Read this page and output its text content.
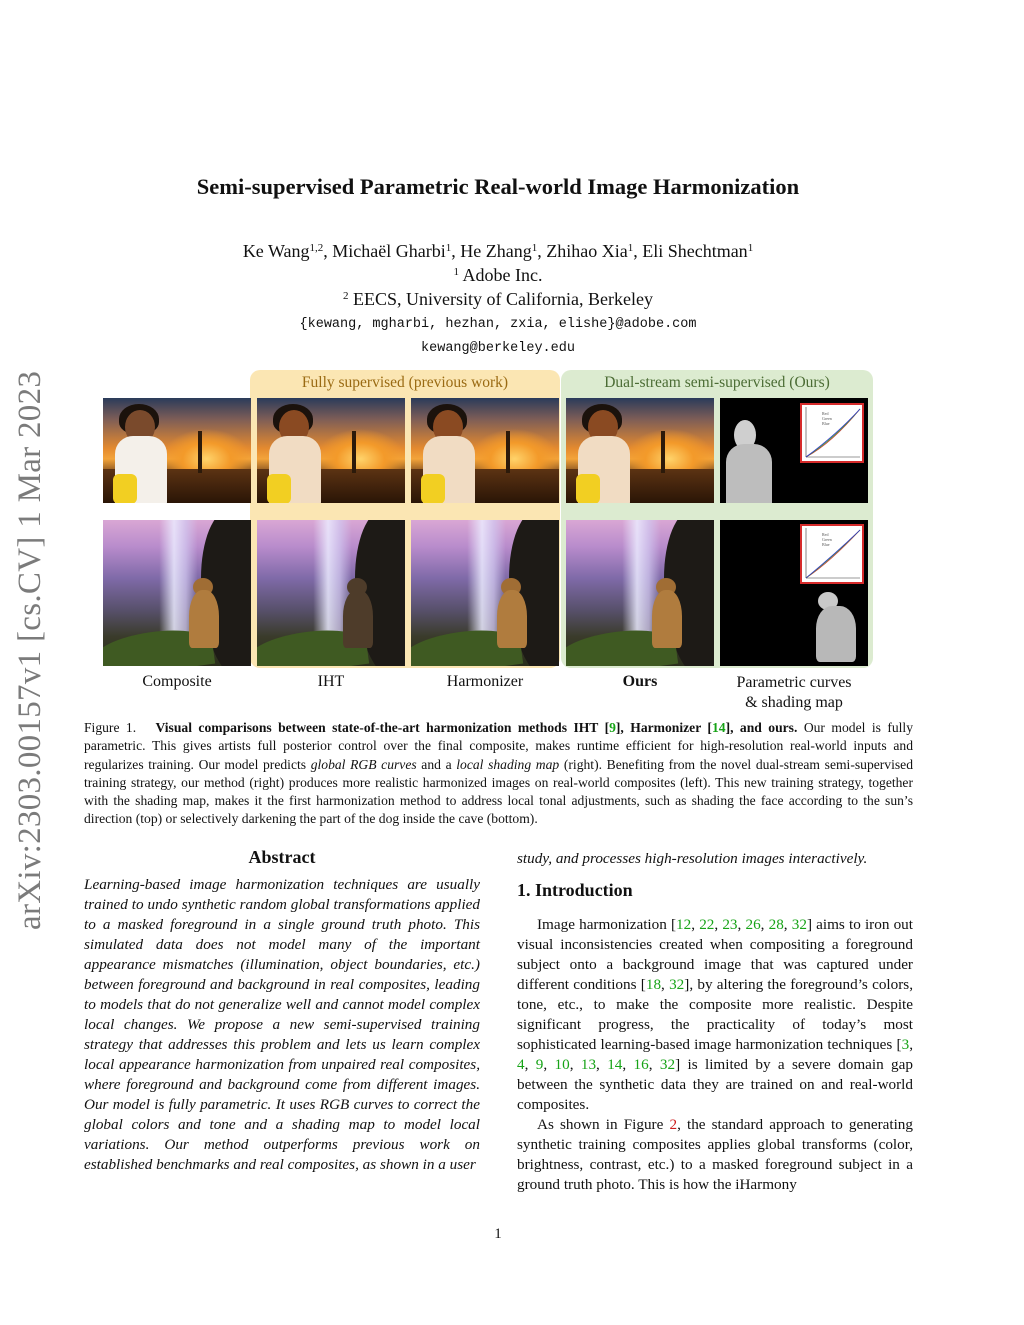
arXiv:2303.00157v1 [cs.CV] 1 Mar 2023
Semi-supervised Parametric Real-world Image Harmonization
Ke Wang$^{1,2}$, Michaël Gharbi$^1$, He Zhang$^1$, Zhihao Xia$^1$, Eli Shechtman$^1$
$^1$ Adobe Inc.
$^2$ EECS, University of California, Berkeley
{kewang, mgharbi, hezhan, zxia, elishe}@adobe.com
kewang@berkeley.edu
Fully supervised (previous work)	Dual-stream semi-supervised (Ours)
Red
Green
Blue
Red
Green
Blue
Composite	IHT	Harmonizer	Ours	Parametric curves
& shading map
Figure 1. Visual comparisons between state-of-the-art harmonization methods IHT [9], Harmonizer [14], and ours. Our model is fully parametric. This gives artists full posterior control over the final composite, makes runtime efficient for high-resolution real-world inputs and regularizes training. Our model predicts global RGB curves and a local shading map (right). Benefiting from the novel dual-stream semi-supervised training strategy, our method (right) produces more realistic harmonized images on real-world composites (left). This new training strategy, together with the shading map, makes it the first harmonization method to address local tonal adjustments, such as shading the face according to the sun’s direction (top) or selectively darkening the part of the dog inside the cave (bottom).
Abstract
Learning-based image harmonization techniques are usually trained to undo synthetic random global transformations applied to a masked foreground in a single ground truth photo. This simulated data does not model many of the important appearance mismatches (illumination, object boundaries, etc.) between foreground and background in real composites, leading to models that do not generalize well and cannot model complex local changes. We propose a new semi-supervised training strategy that addresses this problem and lets us learn complex local appearance harmonization from unpaired real composites, where foreground and background come from different images. Our model is fully parametric. It uses RGB curves to correct the global colors and tone and a shading map to model local variations. Our method outperforms previous work on established benchmarks and real composites, as shown in a user
study, and processes high-resolution images interactively.
1. Introduction
Image harmonization [12, 22, 23, 26, 28, 32] aims to iron out visual inconsistencies created when compositing a foreground subject onto a background image that was captured under different conditions [18, 32], by altering the foreground’s colors, tone, etc., to make the composite more realistic. Despite significant progress, the practicality of today’s most sophisticated learning-based image harmonization techniques [3, 4, 9, 10, 13, 14, 16, 32] is limited by a severe domain gap between the synthetic data they are trained on and real-world composites.
As shown in Figure 2, the standard approach to generating synthetic training composites applies global transforms (color, brightness, contrast, etc.) to a masked foreground subject in a ground truth photo. This is how the iHarmony
1
